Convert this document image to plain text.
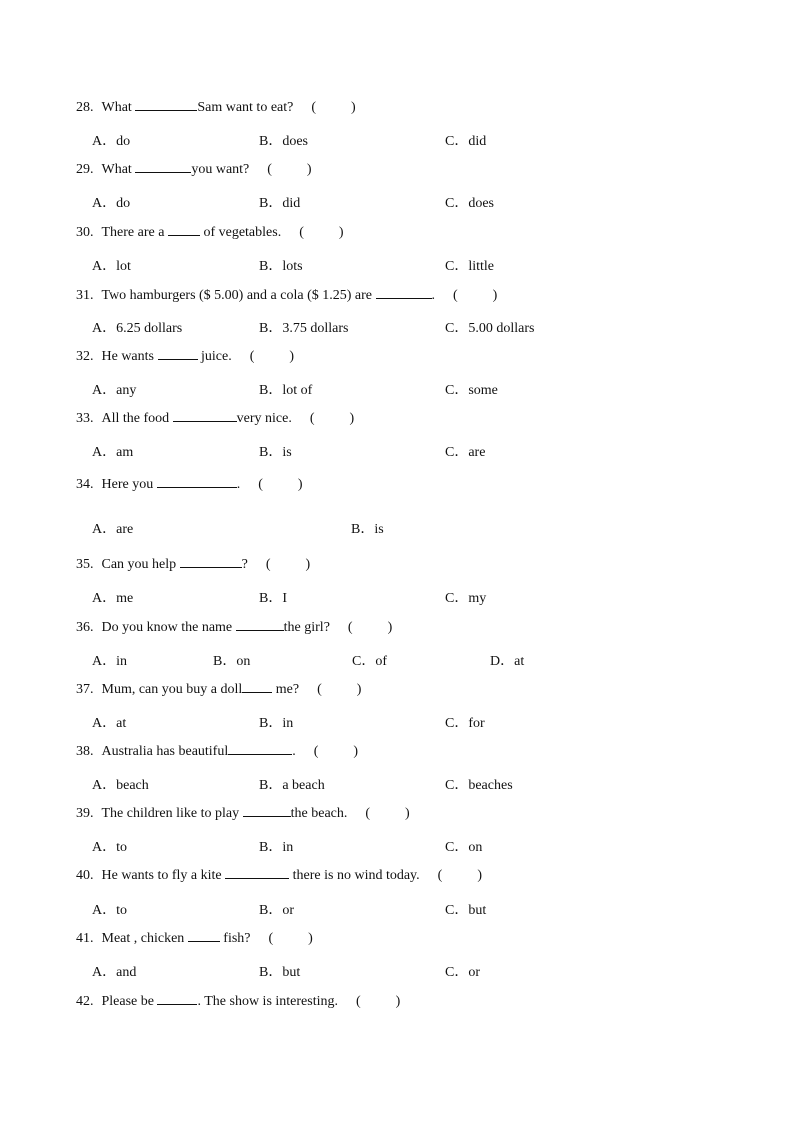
28. What	Sam want to eat? (          )
A．do	B．does	C．did
29. What	you want? (          )
A．do	B．did	C．does
30. There are a  of vegetables. (          )
A．lot	B．lots	C．little
31. Two hamburgers ($ 5.00) and a cola ($ 1.25) are	. (          )
A．6.25 dollars	B．3.75 dollars	C．5.00 dollars
32. He wants	juice. (          )
A．any	B．lot of	C．some
33. All the food	very nice. (          )
A．am	B．is	C．are
34. Here you	. (          )
A．are	B．is
35. Can you help	? (          )
A．me	B．I	C．my
36. Do you know the name	the girl? (          )
A．in	B．on	C．of	D．at
37. Mum, can you buy a doll me? (          )
A．at	B．in	C．for
38. Australia has beautiful	. (          )
A．beach	B．a beach	C．beaches
39. The children like to play	the beach. (          )
A．to	B．in	C．on
40. He wants to fly a kite	there is no wind today. (          )
A．to	B．or	C．but
41. Meat , chicken  fish? (          )
A．and	B．but	C．or
42. Please be	. The show is interesting. (          )
